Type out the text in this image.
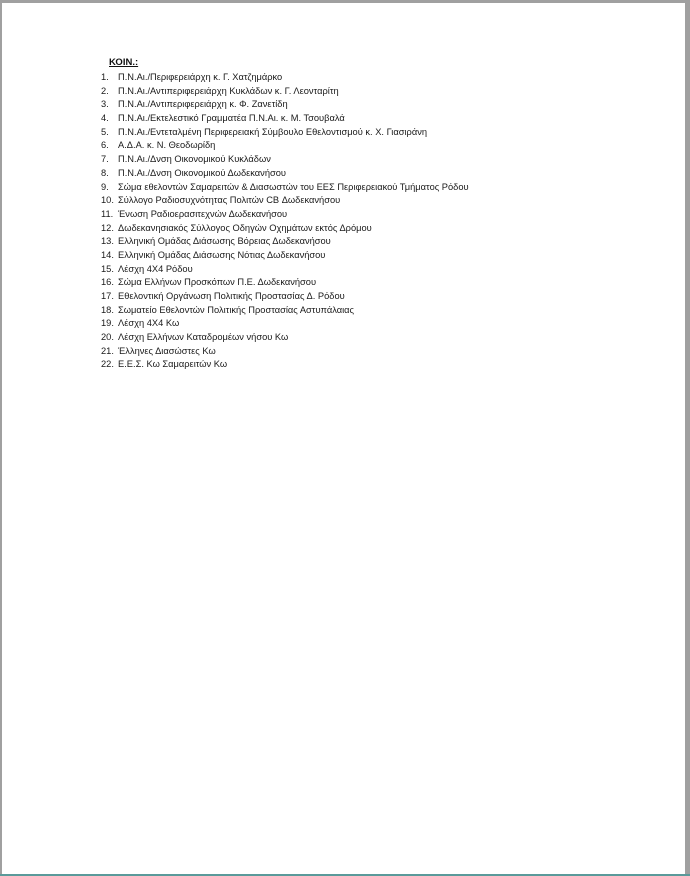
ΚΟΙΝ.:
1. Π.Ν.Αι./Περιφερειάρχη κ. Γ. Χατζημάρκο
2. Π.Ν.Αι./Αντιπεριφερειάρχη Κυκλάδων κ. Γ. Λεονταρίτη
3. Π.Ν.Αι./Αντιπεριφερειάρχη κ. Φ. Ζανετίδη
4. Π.Ν.Αι./Εκτελεστικό Γραμματέα Π.Ν.Αι. κ. Μ. Τσουβαλά
5. Π.Ν.Αι./Εντεταλμένη Περιφερειακή Σύμβουλο Εθελοντισμού κ. Χ. Γιασιράνη
6. Α.Δ.Α. κ. Ν. Θεοδωρίδη
7. Π.Ν.Αι./Δνση Οικονομικού Κυκλάδων
8. Π.Ν.Αι./Δνση Οικονομικού Δωδεκανήσου
9. Σώμα εθελοντών Σαμαρειτών & Διασωστών του ΕΕΣ Περιφερειακού Τμήματος Ρόδου
10. Σύλλογο Ραδιοσυχνότητας Πολιτών CB Δωδεκανήσου
11. Ένωση Ραδιοερασιτεχνών Δωδεκανήσου
12. Δωδεκανησιακός Σύλλογος Οδηγών Οχημάτων εκτός Δρόμου
13. Ελληνική Ομάδας Διάσωσης Βόρειας Δωδεκανήσου
14. Ελληνική Ομάδας Διάσωσης Νότιας Δωδεκανήσου
15. Λέσχη 4Χ4 Ρόδου
16. Σώμα Ελλήνων Προσκόπων Π.Ε. Δωδεκανήσου
17. Εθελοντική Οργάνωση Πολιτικής Προστασίας Δ. Ρόδου
18. Σωματείο Εθελοντών Πολιτικής Προστασίας Αστυπάλαιας
19. Λέσχη 4Χ4 Κω
20. Λέσχη Ελλήνων Καταδρομέων νήσου Κω
21. Έλληνες Διασώστες Κω
22. Ε.Ε.Σ. Κω Σαμαρειτών Κω
